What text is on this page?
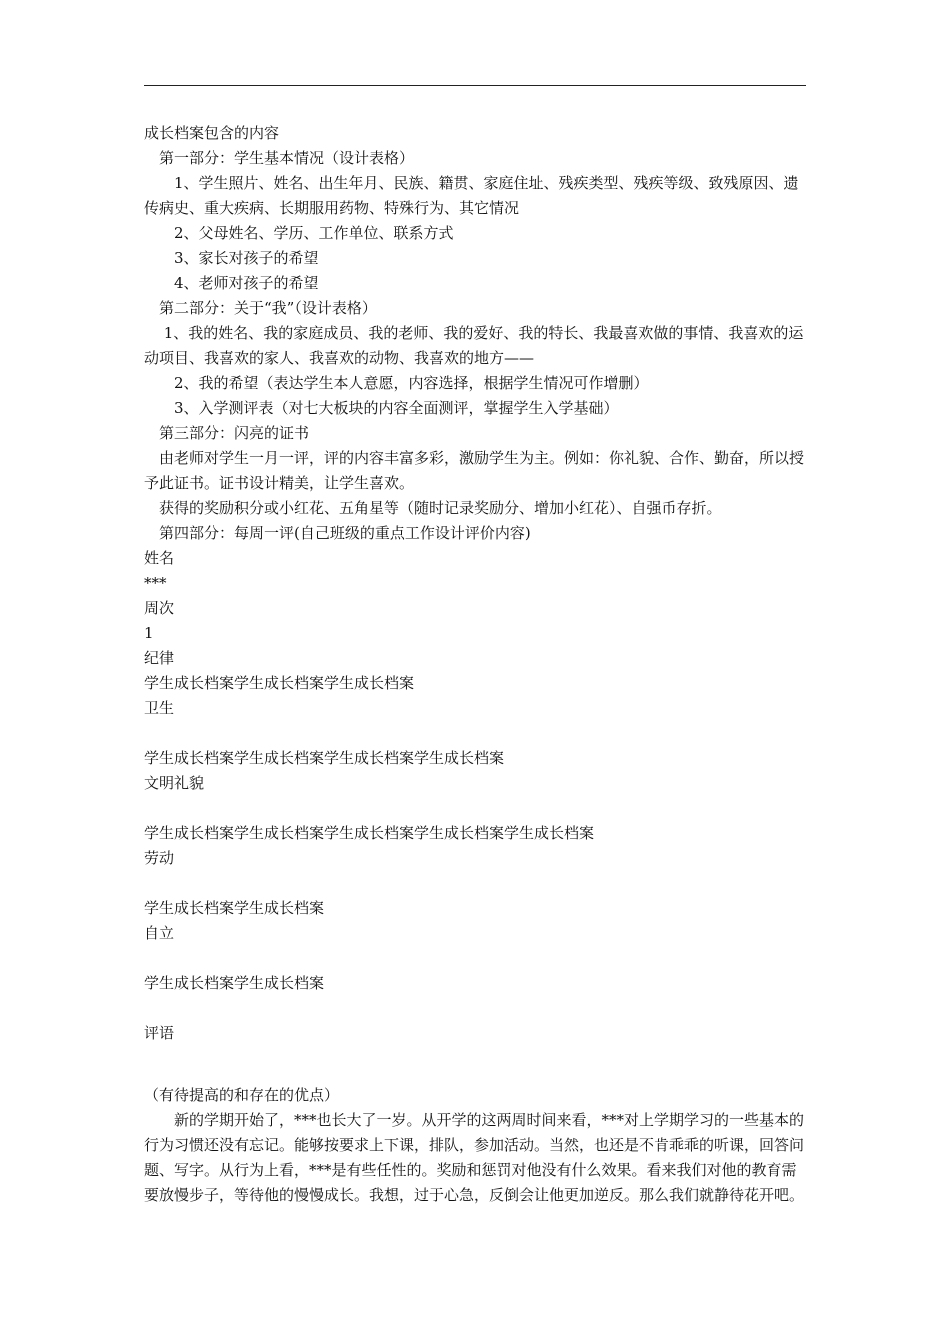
成长档案包含的内容

　第一部分：学生基本情况（设计表格）

　　1、学生照片、姓名、出生年月、民族、籍贯、家庭住址、残疾类型、残疾等级、致残原因、遗传病史、重大疾病、长期服用药物、特殊行为、其它情况

　　2、父母姓名、学历、工作单位、联系方式

　　3、家长对孩子的希望

　　4、老师对孩子的希望

　第二部分：关于“我”（设计表格）

　 1、我的姓名、我的家庭成员、我的老师、我的爱好、我的特长、我最喜欢做的事情、我喜欢的运动项目、我喜欢的家人、我喜欢的动物、我喜欢的地方——

　　2、我的希望（表达学生本人意愿，内容选择，根据学生情况可作增删）

　　3、入学测评表（对七大板块的内容全面测评，掌握学生入学基础）

　第三部分：闪亮的证书

　由老师对学生一月一评，评的内容丰富多彩，激励学生为主。例如：你礼貌、合作、勤奋，所以授予此证书。证书设计精美，让学生喜欢。

　获得的奖励积分或小红花、五角星等（随时记录奖励分、增加小红花）、自强币存折。

　第四部分：每周一评(自己班级的重点工作设计评价内容)

姓名

***

周次

1

纪律

学生成长档案学生成长档案学生成长档案

卫生

学生成长档案学生成长档案学生成长档案学生成长档案

文明礼貌

学生成长档案学生成长档案学生成长档案学生成长档案学生成长档案

劳动

学生成长档案学生成长档案

自立

学生成长档案学生成长档案

评语

（有待提高的和存在的优点）

　　新的学期开始了，***也长大了一岁。从开学的这两周时间来看，***对上学期学习的一些基本的行为习惯还没有忘记。能够按要求上下课，排队，参加活动。当然，也还是不肯乖乖的听课，回答问题、写字。从行为上看，***是有些任性的。奖励和惩罚对他没有什么效果。看来我们对他的教育需要放慢步子，等待他的慢慢成长。我想，过于心急，反倒会让他更加逆反。那么我们就静待花开吧。
